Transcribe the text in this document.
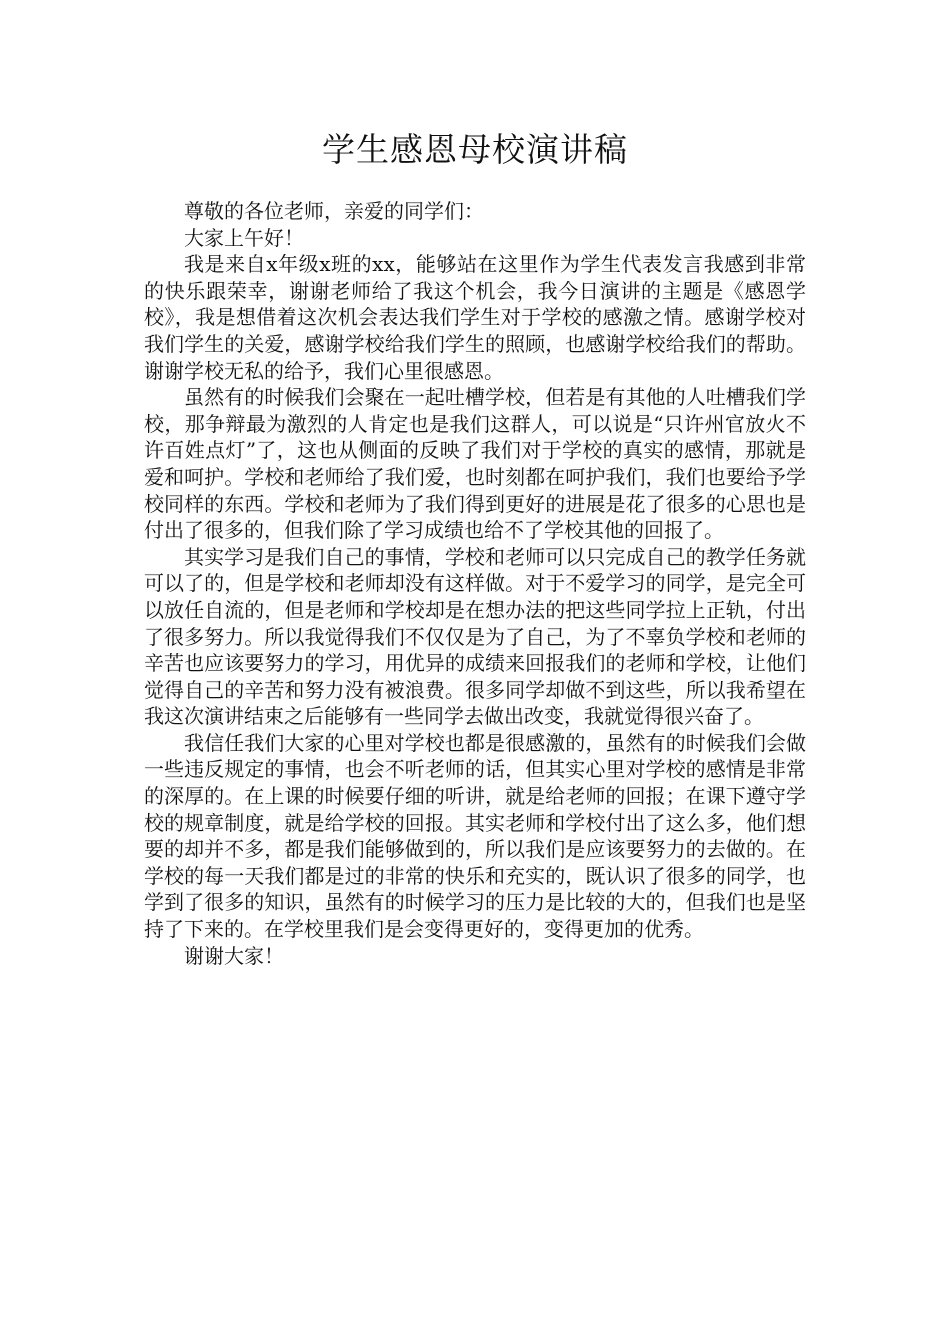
学生感恩母校演讲稿

尊敬的各位老师，亲爱的同学们：

大家上午好！

我是来自x年级x班的xx，能够站在这里作为学生代表发言我感到非常的快乐跟荣幸，谢谢老师给了我这个机会，我今日演讲的主题是《感恩学校》，我是想借着这次机会表达我们学生对于学校的感激之情。感谢学校对我们学生的关爱，感谢学校给我们学生的照顾，也感谢学校给我们的帮助。谢谢学校无私的给予，我们心里很感恩。

虽然有的时候我们会聚在一起吐槽学校，但若是有其他的人吐槽我们学校，那争辩最为激烈的人肯定也是我们这群人，可以说是“只许州官放火不许百姓点灯”了，这也从侧面的反映了我们对于学校的真实的感情，那就是爱和呵护。学校和老师给了我们爱，也时刻都在呵护我们，我们也要给予学校同样的东西。学校和老师为了我们得到更好的进展是花了很多的心思也是付出了很多的，但我们除了学习成绩也给不了学校其他的回报了。

其实学习是我们自己的事情，学校和老师可以只完成自己的教学任务就可以了的，但是学校和老师却没有这样做。对于不爱学习的同学，是完全可以放任自流的，但是老师和学校却是在想办法的把这些同学拉上正轨，付出了很多努力。所以我觉得我们不仅仅是为了自己，为了不辜负学校和老师的辛苦也应该要努力的学习，用优异的成绩来回报我们的老师和学校，让他们觉得自己的辛苦和努力没有被浪费。很多同学却做不到这些，所以我希望在我这次演讲结束之后能够有一些同学去做出改变，我就觉得很兴奋了。

我信任我们大家的心里对学校也都是很感激的，虽然有的时候我们会做一些违反规定的事情，也会不听老师的话，但其实心里对学校的感情是非常的深厚的。在上课的时候要仔细的听讲，就是给老师的回报；在课下遵守学校的规章制度，就是给学校的回报。其实老师和学校付出了这么多，他们想要的却并不多，都是我们能够做到的，所以我们是应该要努力的去做的。在学校的每一天我们都是过的非常的快乐和充实的，既认识了很多的同学，也学到了很多的知识，虽然有的时候学习的压力是比较的大的，但我们也是坚持了下来的。在学校里我们是会变得更好的，变得更加的优秀。

谢谢大家！
